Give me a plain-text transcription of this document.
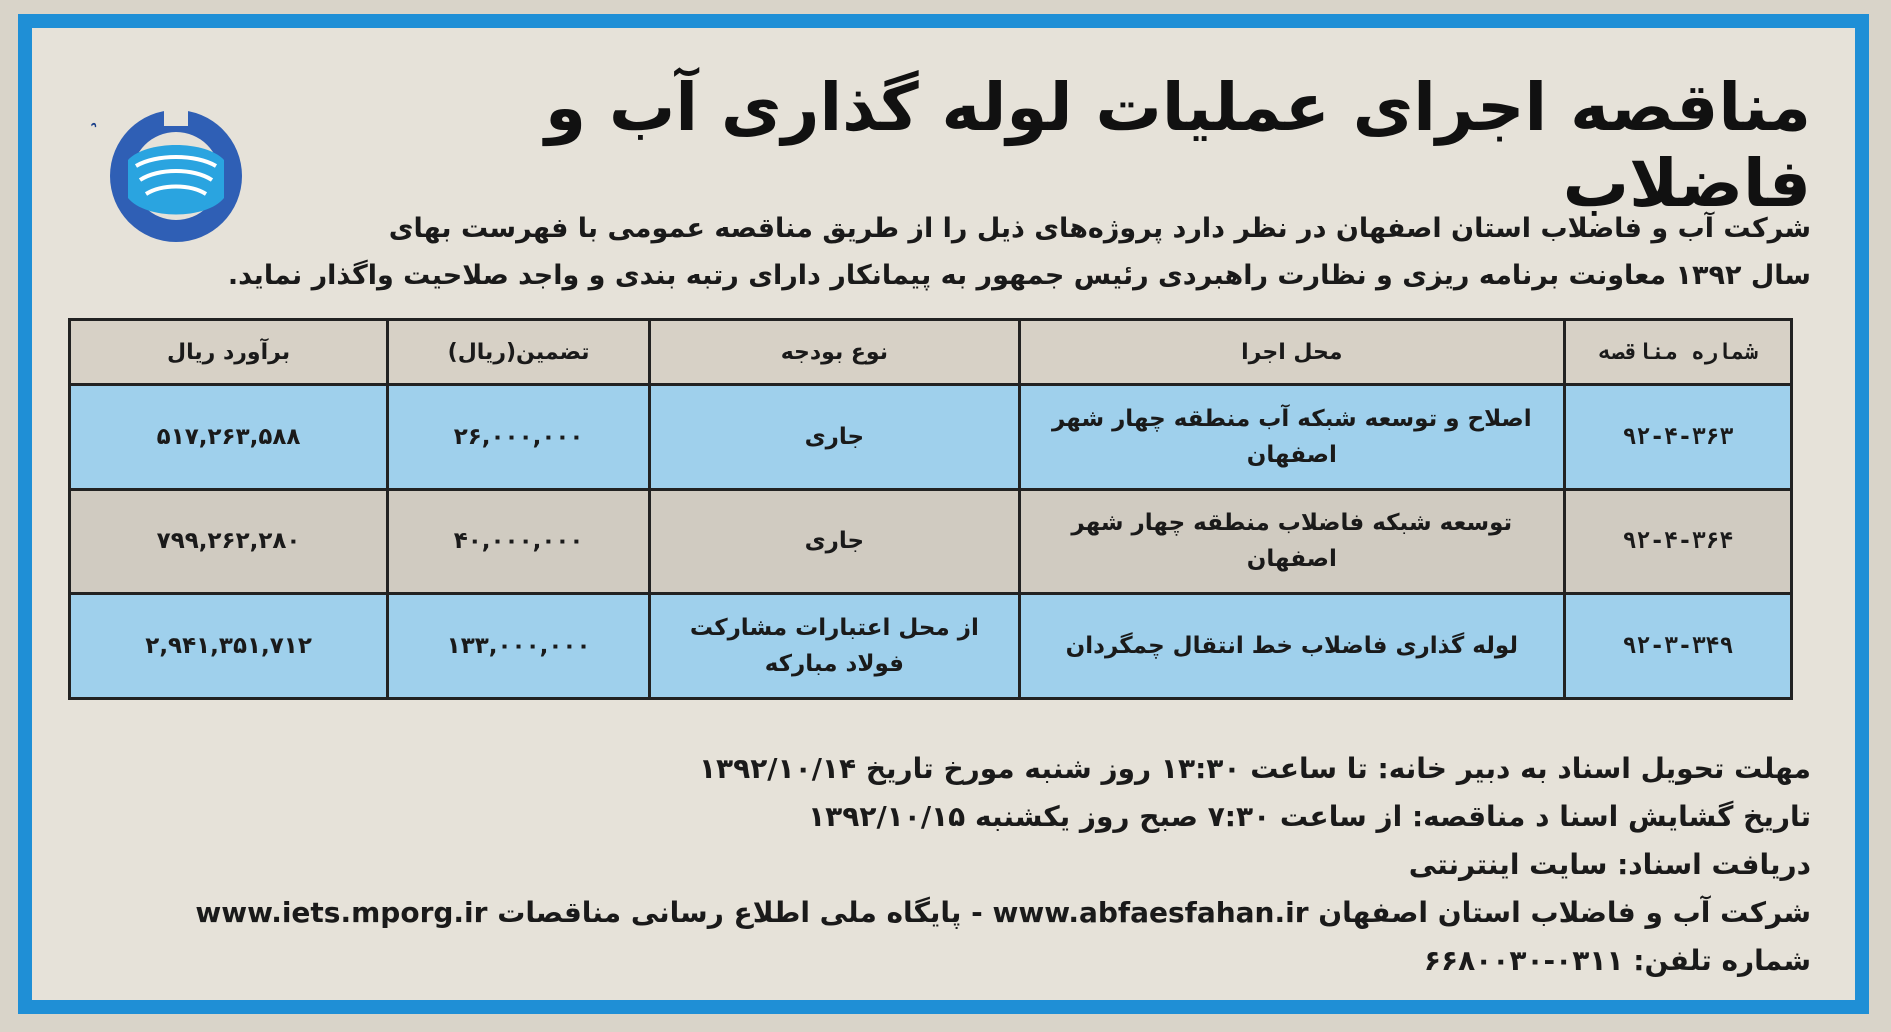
د	مناقصه اجرای عملیات لوله گذاری آب و فاضلاب
شرکت آب و فاضلاب استان اصفهان در نظر دارد پروژه‌های ذیل را از طریق مناقصه عمومی با فهرست بهای
سال ۱۳۹۲ معاونت برنامه ریزی و نظارت راهبردی رئیس جمهور به پیمانکار دارای رتبه بندی و واجد صلاحیت واگذار نماید.
شماره مناقصه	محل اجرا	نوع بودجه	تضمین(ریال)	برآورد ریال
۹۲-۴-۳۶۳	اصلاح و توسعه شبکه آب منطقه چهار شهر اصفهان	جاری	۲۶,۰۰۰,۰۰۰	۵۱۷,۲۶۳,۵۸۸
۹۲-۴-۳۶۴	توسعه شبکه فاضلاب منطقه چهار شهر اصفهان	جاری	۴۰,۰۰۰,۰۰۰	۷۹۹,۲۶۲,۲۸۰
۹۲-۳-۳۴۹	لوله گذاری فاضلاب خط انتقال چمگردان	از محل اعتبارات مشارکت فولاد مبارکه	۱۳۳,۰۰۰,۰۰۰	۲,۹۴۱,۳۵۱,۷۱۲
مهلت تحویل اسناد به دبیر خانه: تا ساعت ۱۳:۳۰ روز شنبه مورخ تاریخ ۱۳۹۲/۱۰/۱۴
تاریخ گشایش اسنا د مناقصه: از ساعت ۷:۳۰ صبح روز یکشنبه ۱۳۹۲/۱۰/۱۵
دریافت اسناد: سایت اینترنتی
شرکت آب و فاضلاب استان اصفهان www.abfaesfahan.ir - پایگاه ملی اطلاع رسانی مناقصات www.iets.mporg.ir
شماره تلفن: ۰۳۱۱-۶۶۸۰۰۳۰
